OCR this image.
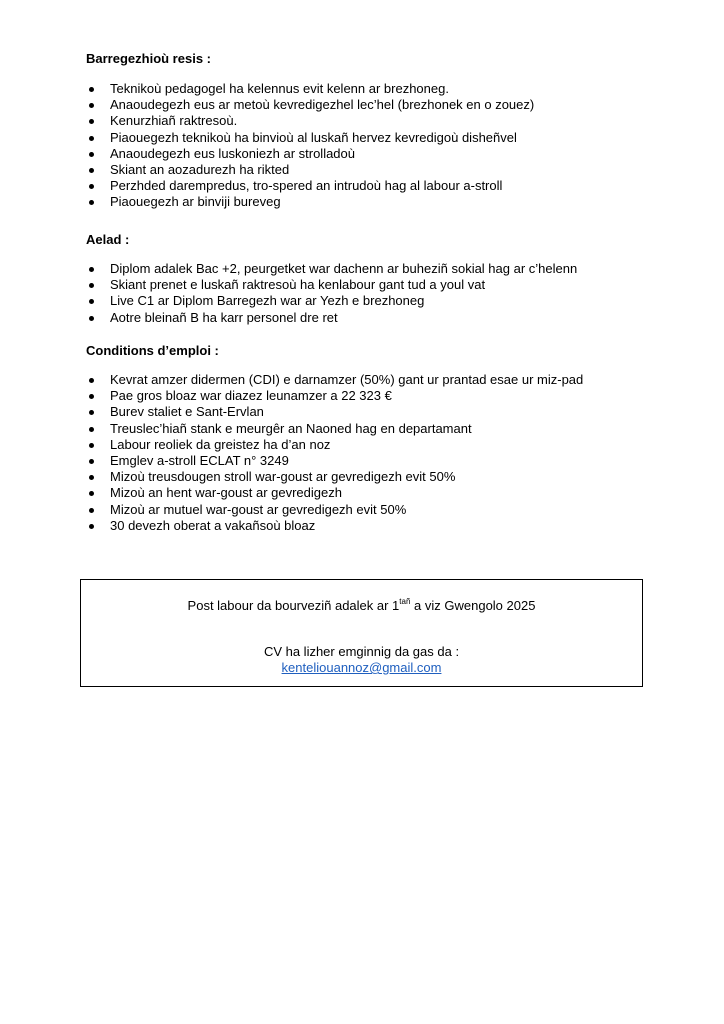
Barregezhioù resis :
Teknikoù pedagogel ha kelennus evit kelenn ar brezhoneg.
Anaoudegezh eus ar metoù kevredigezhel lec’hel (brezhonek en o zouez)
Kenurzhiañ raktresoù.
Piaouegezh teknikoù ha binvioù al luskañ hervez kevredigoù disheñvel
Anaoudegezh eus luskoniezh ar strolladoù
Skiant an aozadurezh ha rikted
Perzhded darempredus, tro-spered an intrudoù hag al labour a-stroll
Piaouegezh ar binviji bureveg
Aelad :
Diplom adalek Bac +2, peurgetket war dachenn ar buheziñ sokial hag ar c’helenn
Skiant prenet e luskañ raktresoù ha kenlabour gant tud a youl vat
Live C1 ar Diplom Barregezh war ar Yezh e brezhoneg
Aotre bleinañ B ha karr personel dre ret
Conditions d’emploi :
Kevrat amzer didermen (CDI) e darnamzer (50%) gant ur prantad esae ur miz-pad
Pae gros bloaz war diazez leunamzer a 22 323 €
Burev staliet e Sant-Ervlan
Treuslec’hiañ stank e meurgêr an Naoned hag en departamant
Labour reoliek da greistez ha d’an noz
Emglev a-stroll ECLAT n° 3249
Mizoù treusdougen stroll war-goust ar gevredigezh evit 50%
Mizoù an hent war-goust ar gevredigezh
Mizoù ar mutuel war-goust ar gevredigezh evit 50%
30 devezh oberat a vakañsoù bloaz

Post labour da bourveziñ adalek ar $1^{tañ}$ a viz Gwengolo 2025

CV ha lizher emginnig da gas da :

kenteliouannoz@gmail.com
